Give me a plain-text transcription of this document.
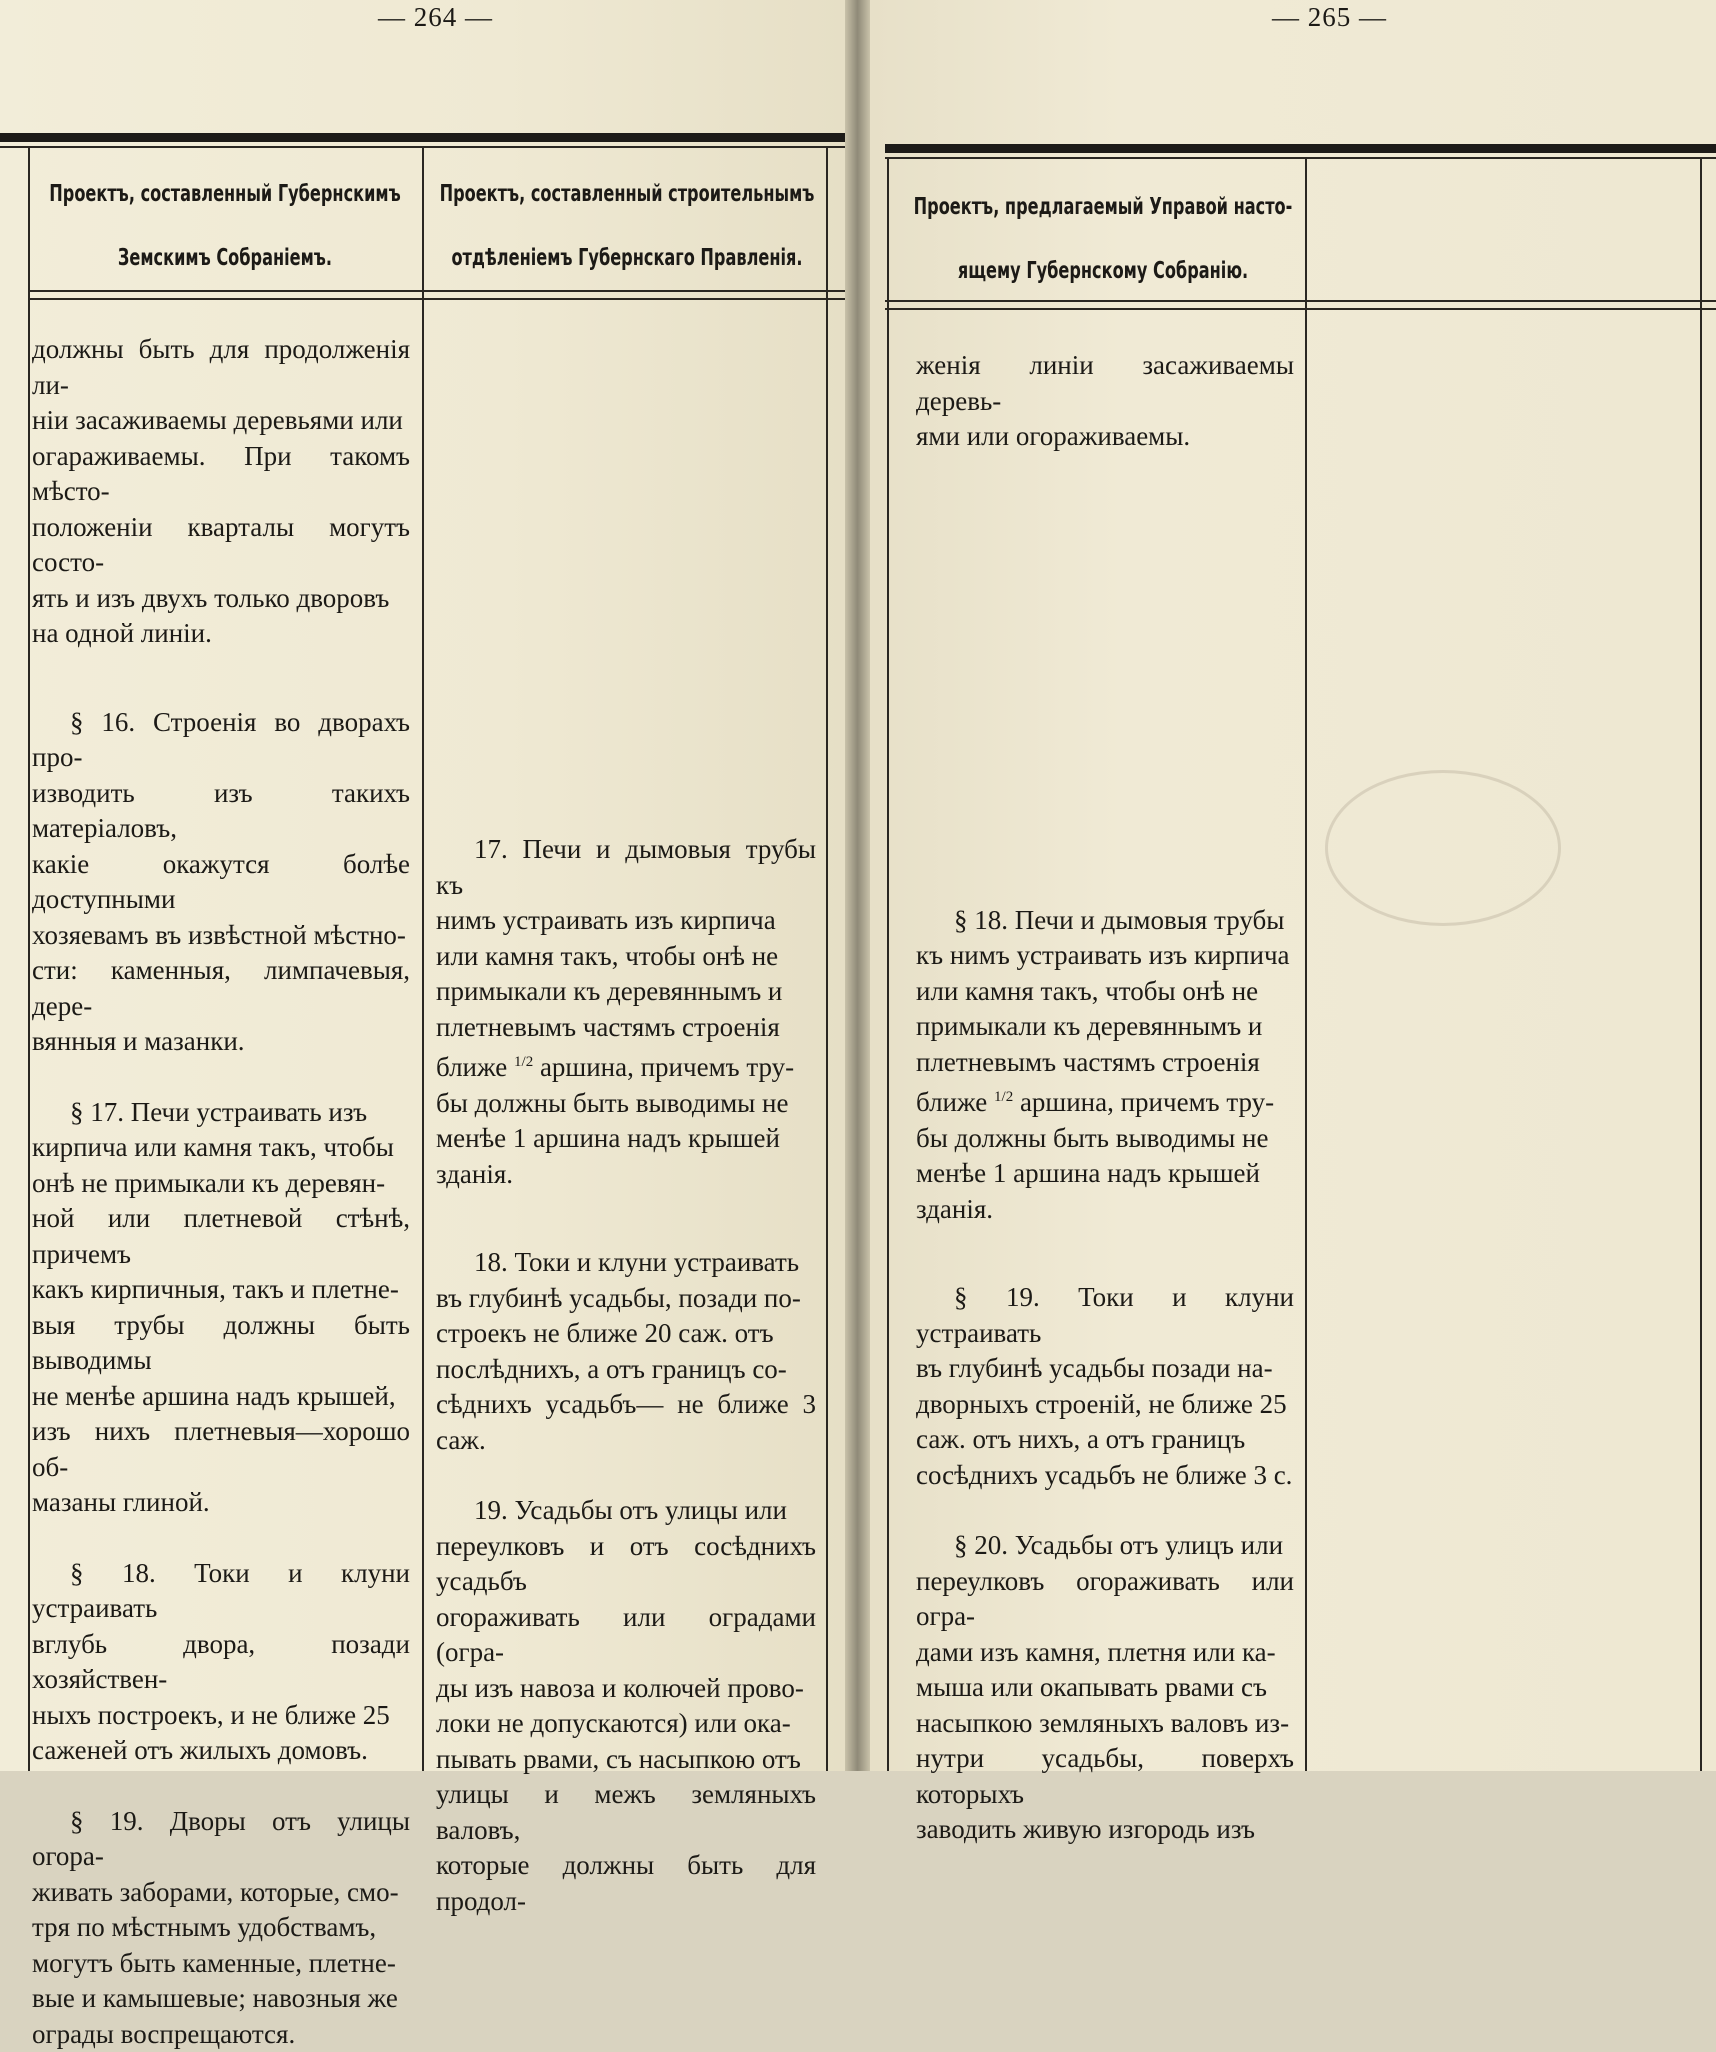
— 264 —
Проектъ, составленный Губернскимъ
Земскимъ Собраніемъ.
Проектъ, составленный строительнымъ
отдѣленіемъ Губернскаго Правленія.

должны быть для продолженія ли-

ніи засаживаемы деревьями или

огараживаемы. При такомъ мѣсто-

положеніи кварталы могутъ состо-

ять и изъ двухъ только дворовъ

на одной линіи.

§ 16. Строенія во дворахъ про-

изводить изъ такихъ матеріаловъ,

какіе окажутся болѣе доступными

хозяевамъ въ извѣстной мѣстно-

сти: каменныя, лимпачевыя, дере-

вянныя и мазанки.

§ 17. Печи устраивать изъ

кирпича или камня такъ, чтобы

онѣ не примыкали къ деревян-

ной или плетневой стѣнѣ, причемъ

какъ кирпичныя, такъ и плетне-

выя трубы должны быть выводимы

не менѣе аршина надъ крышей,

изъ нихъ плетневыя—хорошо об-

мазаны глиной.

§ 18. Токи и клуни устраивать

вглубь двора, позади хозяйствен-

ныхъ построекъ, и не ближе 25

саженей отъ жилыхъ домовъ.

§ 19. Дворы отъ улицы огора-

живать заборами, которые, смо-

тря по мѣстнымъ удобствамъ,

могутъ быть каменные, плетне-

вые и камышевые; навозныя же

ограды воспрещаются.

17. Печи и дымовыя трубы къ

нимъ устраивать изъ кирпича

или камня такъ, чтобы онѣ не

примыкали къ деревяннымъ и

плетневымъ частямъ строенія

ближе $^{1/2}$ аршина, причемъ тру-

бы должны быть выводимы не

менѣе 1 аршина надъ крышей

зданія.

18. Токи и клуни устраивать

въ глубинѣ усадьбы, позади по-

строекъ не ближе 20 саж. отъ

послѣднихъ, а отъ границъ со-

сѣднихъ усадьбъ— не ближе 3 саж.

19. Усадьбы отъ улицы или

переулковъ и отъ сосѣднихъ усадьбъ

огораживать или оградами (огра-

ды изъ навоза и колючей прово-

локи не допускаются) или ока-

пывать рвами, съ насыпкою отъ

улицы и межъ земляныхъ валовъ,

которые должны быть для продол-

— 265 —
Проектъ, предлагаемый Управой насто-
ящему Губернскому Собранію.

женія линіи засаживаемы деревь-

ями или огораживаемы.

§ 18. Печи и дымовыя трубы

къ нимъ устраивать изъ кирпича

или камня такъ, чтобы онѣ не

примыкали къ деревяннымъ и

плетневымъ частямъ строенія

ближе $^{1/2}$ аршина, причемъ тру-

бы должны быть выводимы не

менѣе 1 аршина надъ крышей

зданія.

§ 19. Токи и клуни устраивать

въ глубинѣ усадьбы позади на-

дворныхъ строеній, не ближе 25

саж. отъ нихъ, а отъ границъ

сосѣднихъ усадьбъ не ближе 3 с.

§ 20. Усадьбы отъ улицъ или

переулковъ огораживать или огра-

дами изъ камня, плетня или ка-

мыша или окапывать рвами съ

насыпкою земляныхъ валовъ из-

нутри усадьбы, поверхъ которыхъ

заводить живую изгородь изъ
